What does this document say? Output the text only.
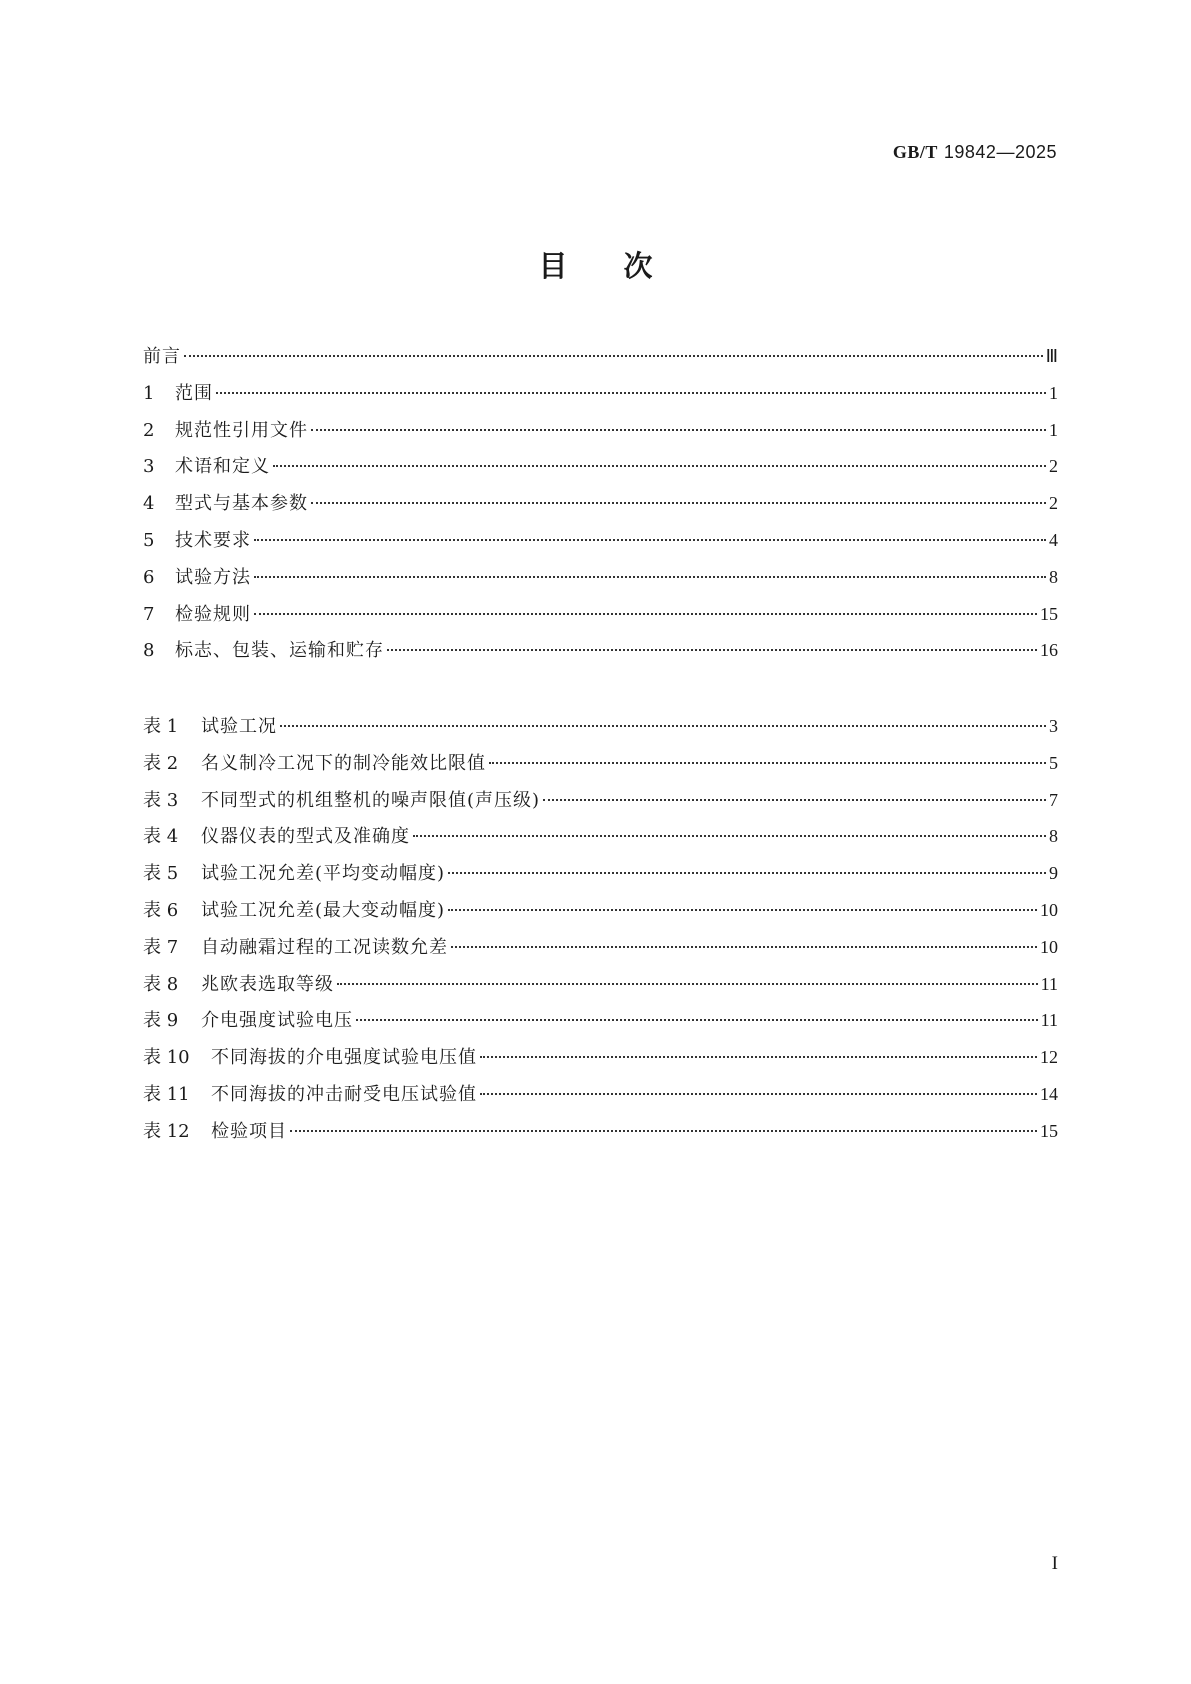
GB/T 19842—2025
目次
前言	Ⅲ
1	范围	1
2	规范性引用文件	1
3	术语和定义	2
4	型式与基本参数	2
5	技术要求	4
6	试验方法	8
7	检验规则	15
8	标志、包装、运输和贮存	16
表 1	试验工况	3
表 2	名义制冷工况下的制冷能效比限值	5
表 3	不同型式的机组整机的噪声限值(声压级)	7
表 4	仪器仪表的型式及准确度	8
表 5	试验工况允差(平均变动幅度)	9
表 6	试验工况允差(最大变动幅度)	10
表 7	自动融霜过程的工况读数允差	10
表 8	兆欧表选取等级	11
表 9	介电强度试验电压	11
表 10	不同海拔的介电强度试验电压值	12
表 11	不同海拔的冲击耐受电压试验值	14
表 12	检验项目	15
I
